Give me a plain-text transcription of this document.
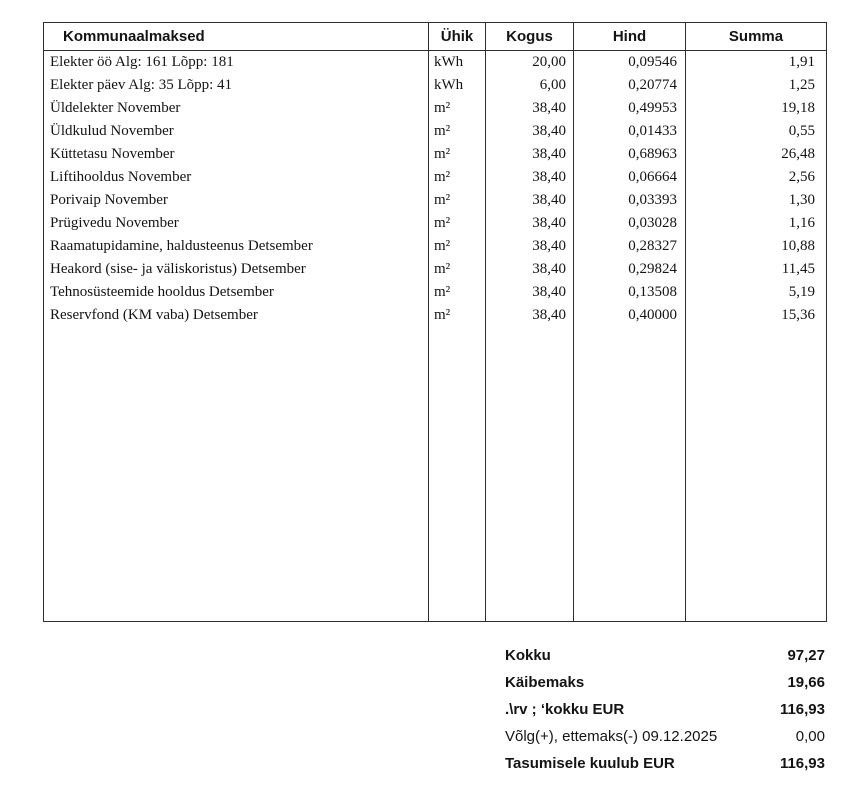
Kommunaalmaksed	Ühik	Kogus	Hind	Summa
Elekter öö Alg: 161 Lõpp: 181	kWh	20,00	0,09546	1,91
Elekter päev Alg: 35 Lõpp: 41	kWh	6,00	0,20774	1,25
Üldelekter November	m²	38,40	0,49953	19,18
Üldkulud November	m²	38,40	0,01433	0,55
Küttetasu November	m²	38,40	0,68963	26,48
Liftihooldus November	m²	38,40	0,06664	2,56
Porivaip November	m²	38,40	0,03393	1,30
Prügivedu November	m²	38,40	0,03028	1,16
Raamatupidamine, haldusteenus Detsember	m²	38,40	0,28327	10,88
Heakord (sise- ja väliskoristus) Detsember	m²	38,40	0,29824	11,45
Tehnosüsteemide hooldus Detsember	m²	38,40	0,13508	5,19
Reservfond (KM vaba) Detsember	m²	38,40	0,40000	15,36
Kokku	97,27
Käibemaks	19,66
.\rv ; ‘kokku EUR	116,93
Võlg(+), ettemaks(-) 09.12.2025	0,00
Tasumisele kuulub EUR	116,93
